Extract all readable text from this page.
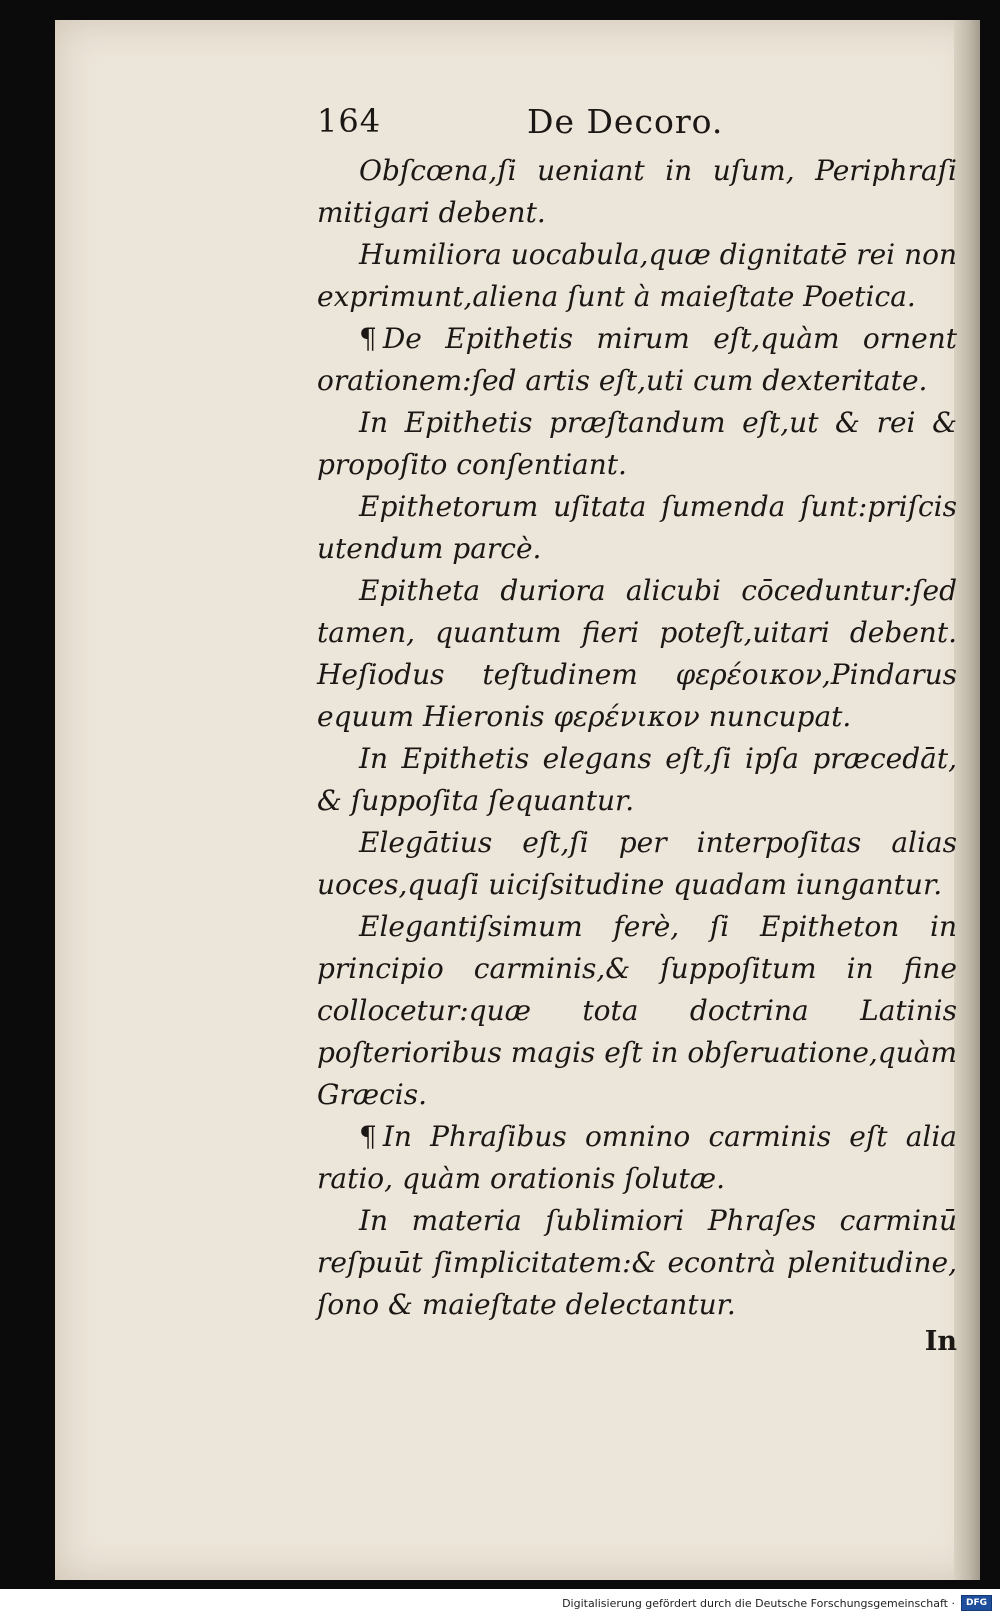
164	De Decoro.

Obſcœna,ſi ueniant in uſum, Periphraſi mitigari debent.

Humiliora uocabula,quæ dignitatē rei non exprimunt,aliena ſunt à maieſtate Poetica.

¶ De Epithetis mirum eſt,quàm ornent orationem:ſed artis eſt,uti cum dexteritate.

In Epithetis præſtandum eſt,ut & rei & propoſito conſentiant.

Epithetorum uſitata ſumenda ſunt:priſcis utendum parcè.

Epitheta duriora alicubi cōceduntur:ſed tamen, quantum fieri poteſt,uitari debent. Heſiodus teſtudinem φερέοικον,Pindarus equum Hieronis φερένικον nuncupat.

In Epithetis elegans eſt,ſi ipſa præcedāt, & ſuppoſita ſequantur.

Elegātius eſt,ſi per interpoſitas alias uoces,quaſi uiciſsitudine quadam iungantur.

Elegantiſsimum ferè, ſi Epitheton in principio carminis,& ſuppoſitum in fine collocetur:quæ tota doctrina Latinis poſterioribus magis eſt in obſeruatione,quàm Græcis.

¶ In Phraſibus omnino carminis eſt alia ratio, quàm orationis ſolutæ.

In materia ſublimiori Phraſes carminū reſpuūt ſimplicitatem:& econtrà plenitudine, ſono & maieſtate delectantur.

In
Digitalisierung gefördert durch die Deutsche Forschungsgemeinschaft ·	DFG
